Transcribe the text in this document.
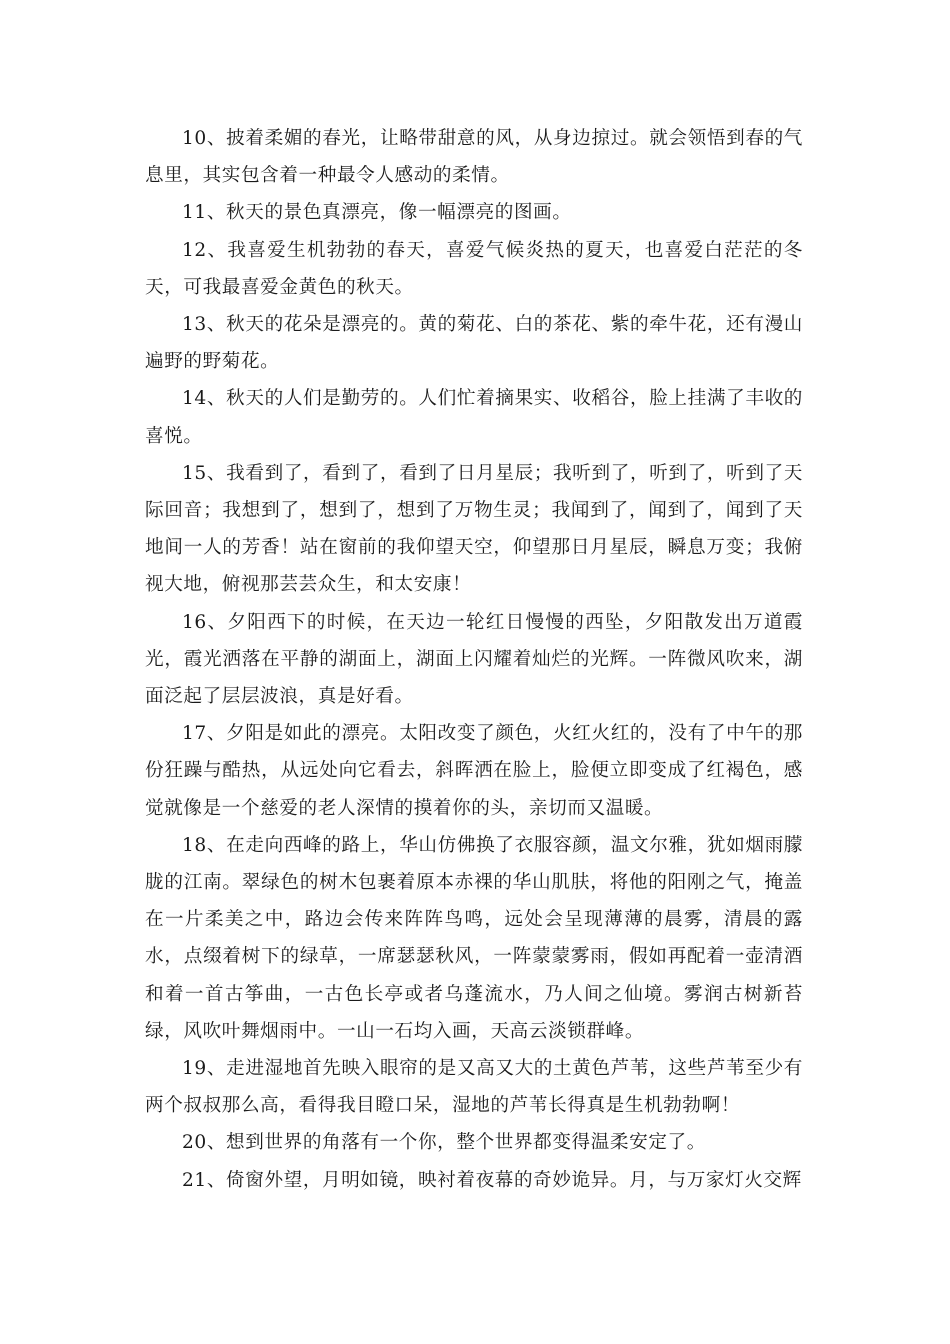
10、披着柔媚的春光，让略带甜意的风，从身边掠过。就会领悟到春的气息里，其实包含着一种最令人感动的柔情。

11、秋天的景色真漂亮，像一幅漂亮的图画。

12、我喜爱生机勃勃的春天，喜爱气候炎热的夏天，也喜爱白茫茫的冬天，可我最喜爱金黄色的秋天。

13、秋天的花朵是漂亮的。黄的菊花、白的茶花、紫的牵牛花，还有漫山遍野的野菊花。

14、秋天的人们是勤劳的。人们忙着摘果实、收稻谷，脸上挂满了丰收的喜悦。

15、我看到了，看到了，看到了日月星辰；我听到了，听到了，听到了天际回音；我想到了，想到了，想到了万物生灵；我闻到了，闻到了，闻到了天地间一人的芳香！站在窗前的我仰望天空，仰望那日月星辰，瞬息万变；我俯视大地，俯视那芸芸众生，和太安康！

16、夕阳西下的时候，在天边一轮红日慢慢的西坠，夕阳散发出万道霞光，霞光洒落在平静的湖面上，湖面上闪耀着灿烂的光辉。一阵微风吹来，湖面泛起了层层波浪，真是好看。

17、夕阳是如此的漂亮。太阳改变了颜色，火红火红的，没有了中午的那份狂躁与酷热，从远处向它看去，斜晖洒在脸上，脸便立即变成了红褐色，感觉就像是一个慈爱的老人深情的摸着你的头，亲切而又温暖。

18、在走向西峰的路上，华山仿佛换了衣服容颜，温文尔雅，犹如烟雨朦胧的江南。翠绿色的树木包裹着原本赤裸的华山肌肤，将他的阳刚之气，掩盖在一片柔美之中，路边会传来阵阵鸟鸣，远处会呈现薄薄的晨雾，清晨的露水，点缀着树下的绿草，一席瑟瑟秋风，一阵蒙蒙雾雨，假如再配着一壶清酒和着一首古筝曲，一古色长亭或者乌蓬流水，乃人间之仙境。雾润古树新苔绿，风吹叶舞烟雨中。一山一石均入画，天高云淡锁群峰。

19、走进湿地首先映入眼帘的是又高又大的土黄色芦苇，这些芦苇至少有两个叔叔那么高，看得我目瞪口呆，湿地的芦苇长得真是生机勃勃啊！

20、想到世界的角落有一个你，整个世界都变得温柔安定了。

21、倚窗外望，月明如镜，映衬着夜幕的奇妙诡异。月，与万家灯火交辉
